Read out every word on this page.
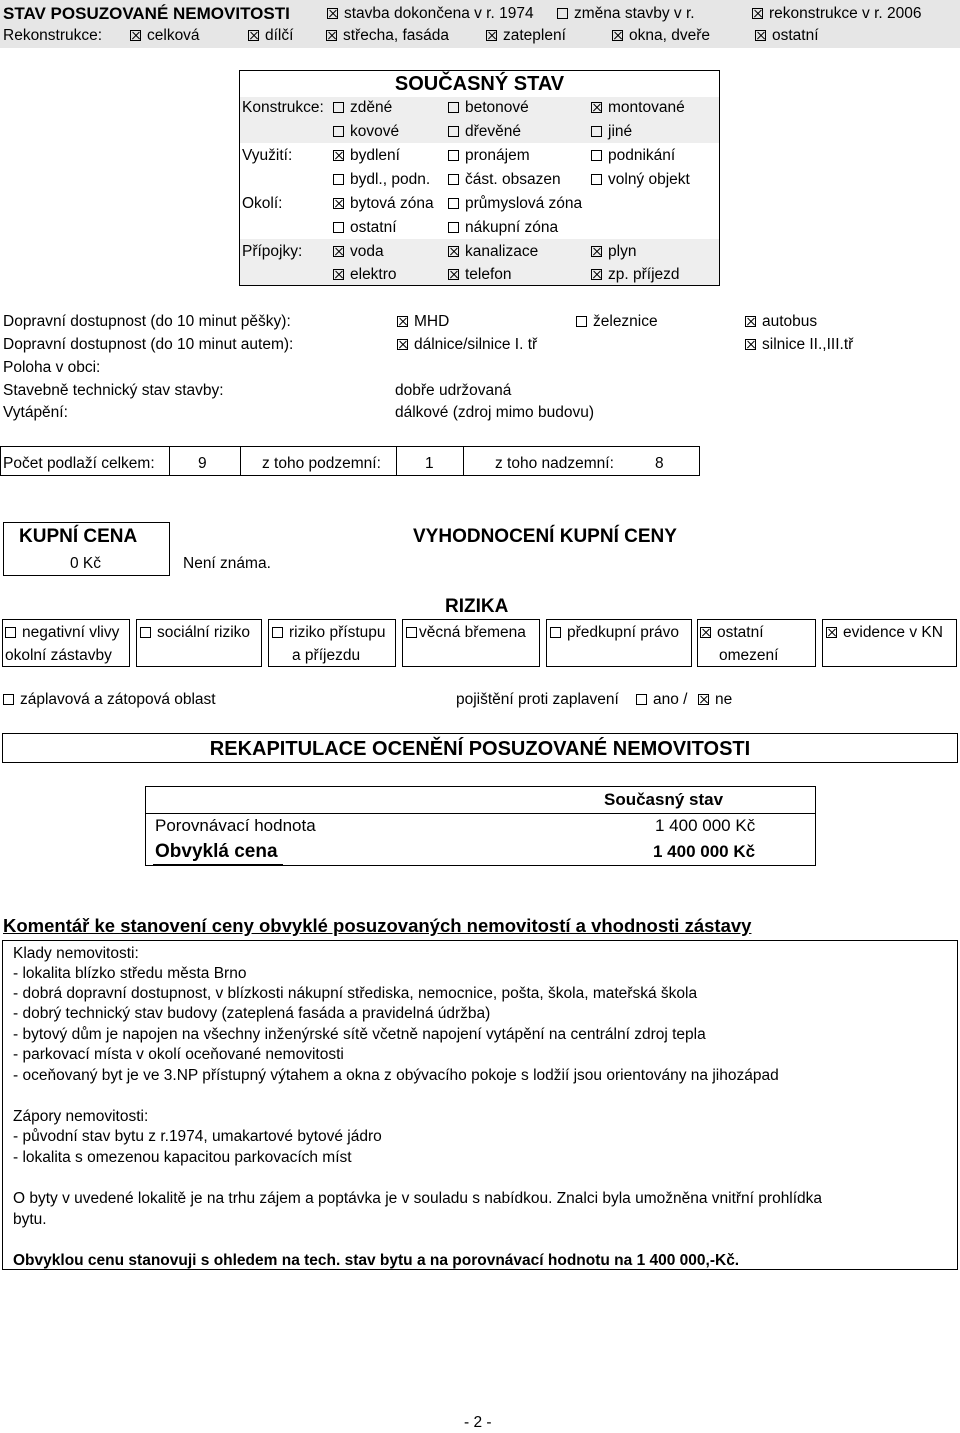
STAV POSUZOVANÉ NEMOVITOSTI	stavba dokončena v r. 1974	změna stavby v r.	rekonstrukce v r. 2006
Rekonstrukce:	celková	dílčí	střecha, fasáda	zateplení	okna, dveře	ostatní
SOUČASNÝ STAV
Konstrukce:	zděné	betonové	montované
kovové	dřevěné	jiné
Využití:	bydlení	pronájem	podnikání
bydl., podn.	část. obsazen	volný objekt
Okolí:	bytová zóna	průmyslová zóna
ostatní	nákupní zóna
Přípojky:	voda	kanalizace	plyn
elektro	telefon	zp. příjezd
Dopravní dostupnost (do 10 minut pěšky):	MHD	železnice	autobus
Dopravní dostupnost (do 10 minut autem):	dálnice/silnice I. tř	silnice II.,III.tř
Poloha v obci:
Stavebně technický stav stavby:	dobře udržovaná
Vytápění:	dálkové (zdroj mimo budovu)
Počet podlaží celkem:	9	z toho podzemní:	1	z toho nadzemní:	8
KUPNÍ CENA
0 Kč	Není známa.
VYHODNOCENÍ KUPNÍ CENY
RIZIKA
negativní vlivy
okolní zástavby
sociální riziko	riziko přístupu
a příjezdu
věcná břemena	předkupní právo	ostatní
omezení
evidence v KN
záplavová a zátopová oblast	pojištění proti zaplavení	ano /	ne
REKAPITULACE OCENĚNÍ POSUZOVANÉ NEMOVITOSTI
Současný stav
Porovnávací hodnota	1 400 000 Kč
Obvyklá cena	1 400 000 Kč
Komentář ke stanovení ceny obvyklé posuzovaných nemovitostí a vhodnosti zástavy
Klady nemovitosti:
- lokalita blízko středu města Brno
- dobrá dopravní dostupnost, v blízkosti nákupní střediska, nemocnice, pošta, škola, mateřská škola
- dobrý technický stav budovy (zateplená fasáda a pravidelná údržba)
- bytový dům je napojen na všechny inženýrské sítě včetně napojení vytápění na centrální zdroj tepla
- parkovací místa v okolí oceňované nemovitosti
- oceňovaný byt je ve 3.NP přístupný výtahem a okna z obývacího pokoje s lodžií jsou orientovány na jihozápad
Zápory nemovitosti:
- původní stav bytu z r.1974, umakartové bytové jádro
- lokalita s omezenou kapacitou parkovacích míst
O byty v uvedené lokalitě je na trhu zájem a poptávka je v souladu s nabídkou. Znalci byla umožněna vnitřní prohlídka
bytu.
Obvyklou cenu stanovuji s ohledem na tech. stav bytu a na porovnávací hodnotu na 1 400 000,-Kč.
- 2 -
